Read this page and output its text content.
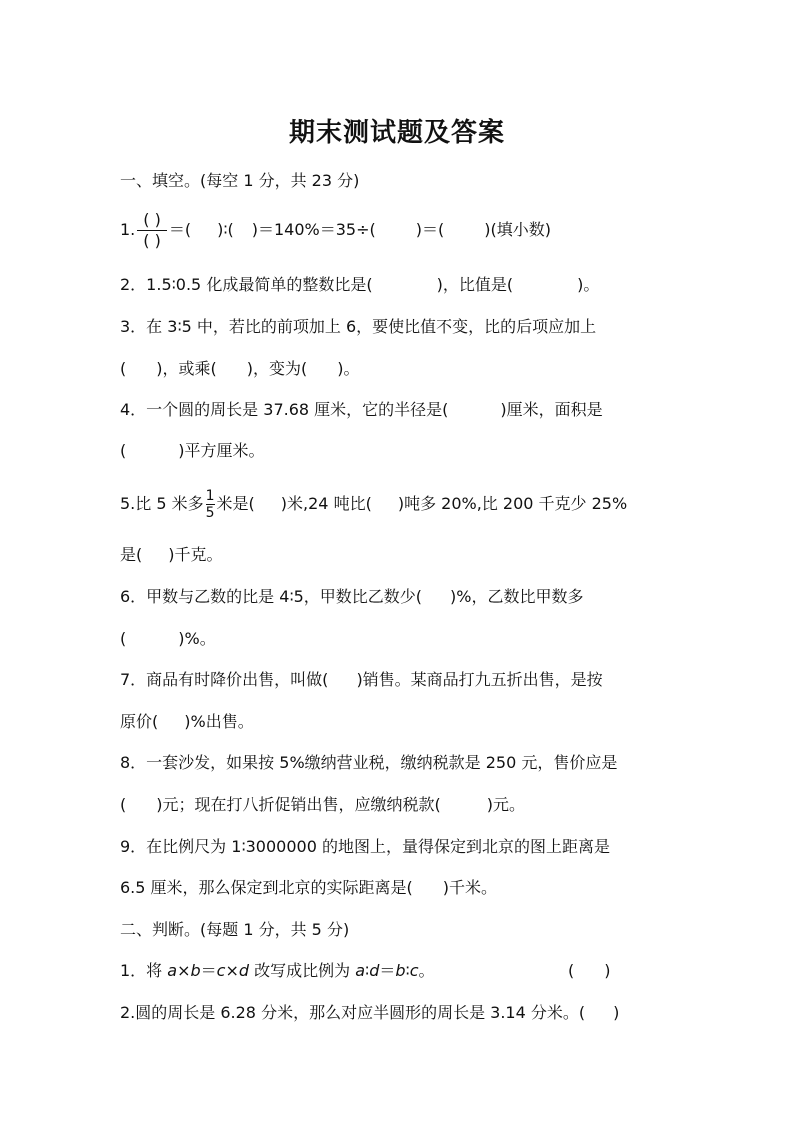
期末测试题及答案
一、填空。(每空 1 分，共 23 分)
1. $\frac{( )}{( )}$ ＝( )∶( )＝140%＝35÷(	)＝(	)(填小数)
2．1.5∶0.5 化成最简单的整数比是(	)，比值是(	)。
3．在 3∶5 中，若比的前项加上 6，要使比值不变，比的后项应加上
( )，或乘( )，变为( )。
4．一个圆的周长是 37.68 厘米，它的半径是(	)厘米，面积是
(	)平方厘米。
5.比 5 米多 $\frac{1}{5}$ 米是( )米,24 吨比( )吨多 20%,比 200 千克少 25%
是( )千克。
6．甲数与乙数的比是 4∶5，甲数比乙数少( )%，乙数比甲数多
(	)%。
7．商品有时降价出售，叫做( )销售。某商品打九五折出售，是按
原价( )%出售。
8．一套沙发，如果按 5%缴纳营业税，缴纳税款是 250 元，售价应是
( )元；现在打八折促销出售，应缴纳税款(	)元。
9．在比例尺为 1∶3000000 的地图上，量得保定到北京的图上距离是
6.5 厘米，那么保定到北京的实际距离是( )千米。
二、判断。(每题 1 分，共 5 分)
1．将 a×b＝c×d 改写成比例为 a∶d＝b∶c。	( )
2.圆的周长是 6.28 分米，那么对应半圆形的周长是 3.14 分米。( )
